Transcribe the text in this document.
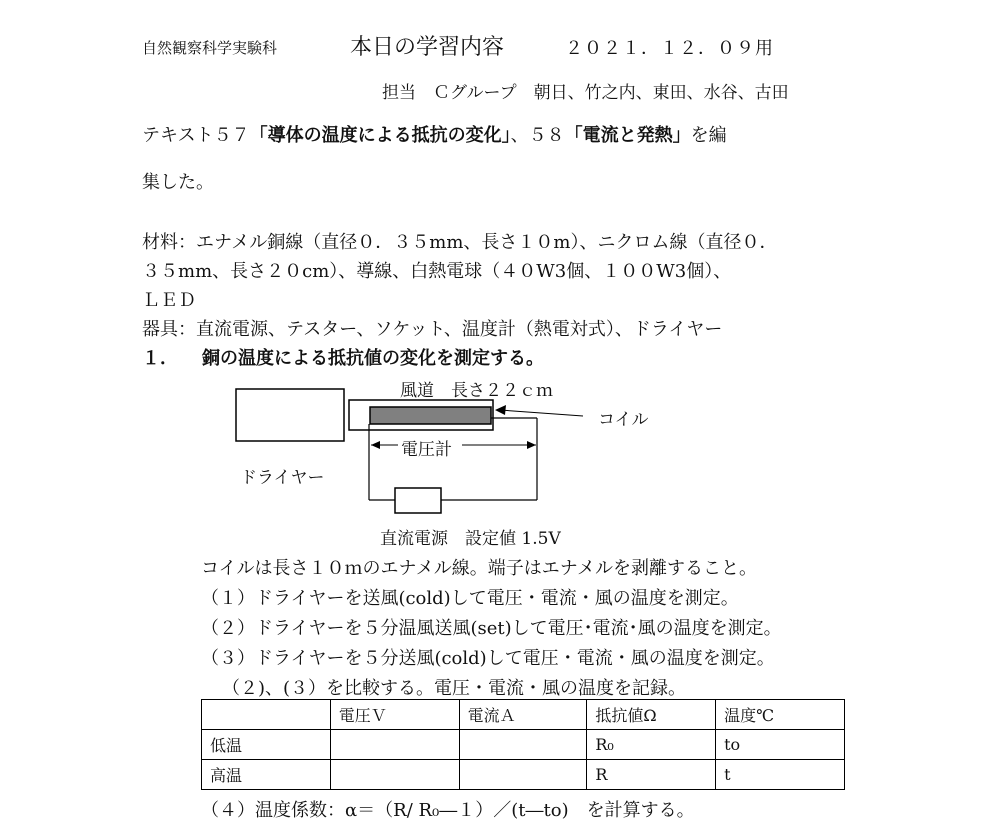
自然観察科学実験科	本日の学習内容	２０２１．１２．０９用
担当　Ｃグループ　朝日、竹之内、東田、水谷、古田
テキスト５７「導体の温度による抵抗の変化」、５８「電流と発熱」を編
集した。
材料：エナメル銅線（直径０．３５mm、長さ１０m）、ニクロム線（直径０．
３５mm、長さ２０cm）、導線、白熱電球（４０W3個、１００W3個）、
ＬＥＤ
器具：直流電源、テスター、ソケット、温度計（熱電対式）、ドライヤー
１． 銅の温度による抵抗値の変化を測定する。
風道　長さ２２ｃｍ
コイル
電圧計
ドライヤー
直流電源　設定値 1.5V
コイルは長さ１０ｍのエナメル線。端子はエナメルを剥離すること。
（１）ドライヤーを送風(cold)して電圧・電流・風の温度を測定。
（２）ドライヤーを５分温風送風(set)して電圧･電流･風の温度を測定。
（３）ドライヤーを５分送風(cold)して電圧・電流・風の温度を測定。
（２)、(３）を比較する。電圧・電流・風の温度を記録。
	電圧Ｖ	電流Ａ	抵抗値Ω	温度℃
低温			R₀	to
高温			R	t
（４）温度係数：α＝（R/ R₀―１）／(t―to)　を計算する。
